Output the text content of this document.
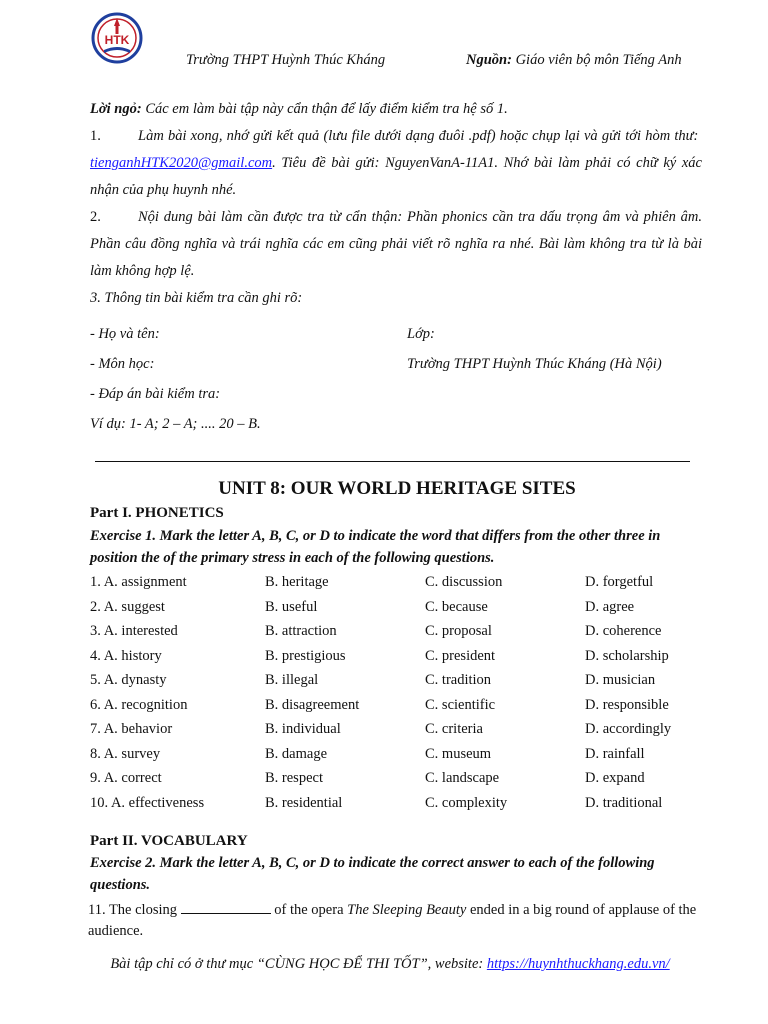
HTK
Trường THPT Huỳnh Thúc Kháng	Nguồn: Giáo viên bộ môn Tiếng Anh

Lời ngỏ: Các em làm bài tập này cẩn thận để lấy điểm kiểm tra hệ số 1.

1.	Làm bài xong, nhớ gửi kết quả (lưu file dưới dạng đuôi .pdf) hoặc chụp lại và gửi tới hòm thư:  tienganhHTK2020@gmail.com. Tiêu đề bài gửi: NguyenVanA-11A1. Nhớ bài làm phải có chữ ký xác nhận của phụ huynh nhé.

2.	Nội dung bài làm cần được tra từ cẩn thận: Phần phonics cần tra dấu trọng âm và phiên âm. Phần câu đồng nghĩa và trái nghĩa các em cũng phải viết rõ nghĩa ra nhé. Bài làm không tra từ là bài làm không hợp lệ.

3. Thông tin bài kiểm tra cần ghi rõ:

- Họ và tên:	Lớp:
- Môn học:	Trường THPT Huỳnh Thúc Kháng (Hà Nội)
- Đáp án bài kiểm tra:
Ví dụ: 1- A; 2 – A; .... 20 – B.
UNIT 8: OUR WORLD HERITAGE SITES
Part I. PHONETICS
Exercise 1. Mark the letter A, B, C, or D to indicate the word that differs from the other three in position the of the primary stress in each of the following questions.
1. A. assignment	B. heritage	C. discussion	D. forgetful
2. A. suggest	B. useful	C. because	D. agree
3. A. interested	B. attraction	C. proposal	D. coherence
4. A. history	B. prestigious	C. president	D. scholarship
5. A. dynasty	B. illegal	C. tradition	D. musician
6. A. recognition	B. disagreement	C. scientific	D. responsible
7. A. behavior	B. individual	C. criteria	D. accordingly
8. A. survey	B. damage	C. museum	D. rainfall
9. A. correct	B. respect	C. landscape	D. expand
10. A. effectiveness	B. residential	C. complexity	D. traditional
Part II. VOCABULARY
Exercise 2. Mark the letter A, B, C, or D to indicate the correct answer to each of the following questions.
11. The closing	of the opera The Sleeping Beauty ended in a big round of applause of the audience.
Bài tập chỉ có ở thư mục “CÙNG HỌC ĐỂ THI TỐT”, website: https://huynhthuckhang.edu.vn/
